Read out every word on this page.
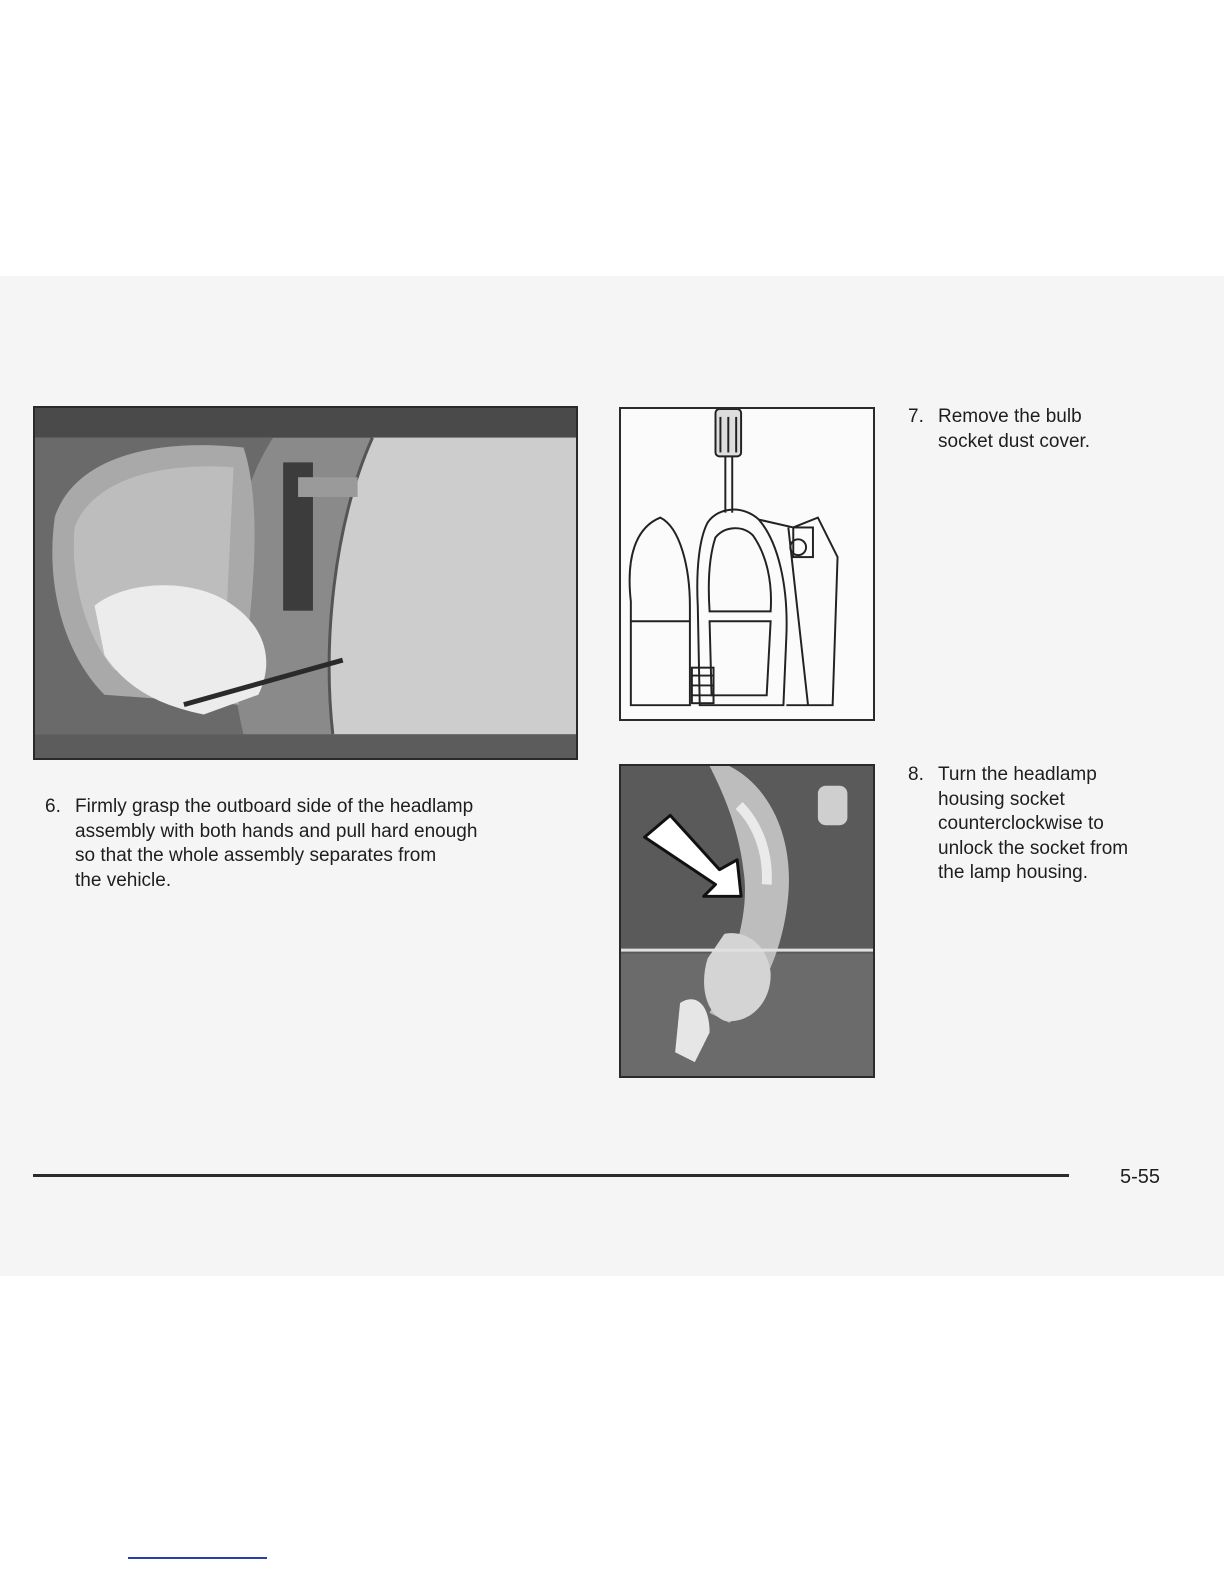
6. Firmly grasp the outboard side of the headlamp
assembly with both hands and pull hard enough
so that the whole assembly separates from
the vehicle.
7. Remove the bulb
socket dust cover.
8. Turn the headlamp
housing socket
counterclockwise to
unlock the socket from
the lamp housing.
5-55
